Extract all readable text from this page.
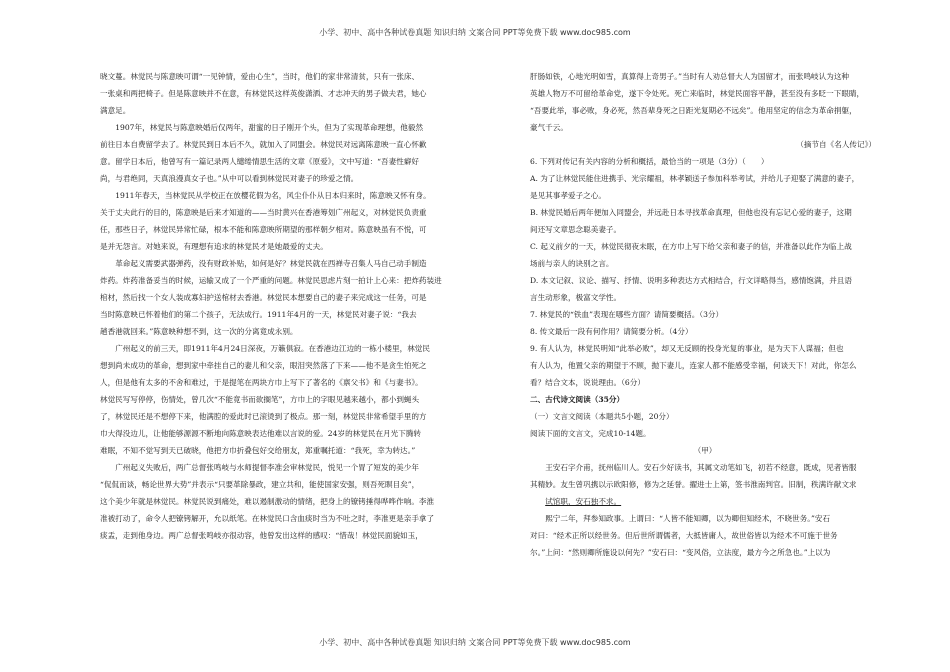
小学、初中、高中各种试卷真题 知识归纳 文案合同 PPT等免费下载 www.doc985.com

晓文蔓。林觉民与陈意映可谓“一见钟情，爱由心生”，当时，他们的家非常清贫，只有一张床、

一张桌和两把椅子。但是陈意映并不在意，有林觉民这样英俊潇洒、才志冲天的男子做夫君，她心

满意足。

1907年，林觉民与陈意映婚后仅两年，甜蜜的日子刚开个头，但为了实现革命理想，他毅然

前往日本自费留学去了。林觉民到日本后不久，就加入了同盟会。林觉民对远离陈意映一直心怀歉

意。留学日本后，他曾写有一篇记录两人缱绻情思生活的文章《原爱》，文中写道：“吾妻性癖好

尚，与君绝同，天真浪漫真女子也。”从中可以看到林觉民对妻子的珍爱之情。

1911年春天，当林觉民从学校正在放樱花假为名，风尘仆仆从日本归来时，陈意映又怀有身。

关于丈夫此行的目的，陈意映是后来才知道的——当时黄兴在香港筹划广州起义，对林觉民负责重

任，那些日子，林觉民异常忙碌，根本不能和陈意映所期望的那样朝夕相对。陈意映虽有不悦，可

是并无怨言。对她来说，有理想有追求的林觉民才是她最爱的丈夫。

革命起义需要武器弹药，没有财政补贴，如何是好？林觉民就在西禅寺召集人马自己动手制造

炸药。炸药准备妥当的时候，运输又成了一个严重的问题。林觉民思虑片刻一拍计上心来：把炸药装进

棺材，然后找一个女人装成寡妇护送棺材去香港。林觉民本想要自己的妻子来完成这一任务，可是

当时陈意映已怀着他们的第二个孩子，无法成行。1911年4月的一天，林觉民对妻子说：“我去

趟香港就回来。”陈意映种想不到，这一次的分离竟成永别。

广州起义的前三天，即1911年4月24日深夜，万籁俱寂。在香港边江边的一栋小楼里，林觉民

想到尚未成功的革命，想到家中牵挂自己的妻儿和父亲，眼泪突然落了下来——他不是贪生怕死之

人，但是他有太多的不舍和难过，于是提笔在两块方巾上写下了著名的《禀父书》和《与妻书》。

林觉民写写停停，伤情处，曾几次“不能竟书而欲搁笔”，方巾上的字眼见越来越小，都小到蝇头

了，林觉民还是不想停下来，他满腔的爱此时已滚烫到了极点。那一刻，林觉民非常希望手里的方

巾大得没边儿，让他能够源源不断地向陈意映表达他难以言说的爱。24岁的林觉民在月光下腾转

难眠，不知不觉写到天已破晓，他把方巾折叠包好交给朋友，郑重嘱托道：“我死，幸为转达。”

广州起义失败后，两广总督张鸣岐与水师提督李准会审林觉民，悦见一个胃了短发的美少年

“侃侃而谈，畅论世界大势”并表示“只要革除暴政，建立共和，能使国家安强，则吾死瞑目矣”，

这个美少年就是林觉民。林觉民说到痛处，难以遏制激动的情绪，把身上的镣铐捶得哗哗作响。李淮

准被打动了，命令人把镣铐解开，允以纸笔。在林觉民口含血痰时当为不吐之时，李准更是亲手拿了

痰盂，走到他身边。两广总督张鸣岐亦很动容，他曾发出这样的感叹：“惜哉！林觉民面貌如玉，

肝肠如铁，心地光明如雪，真算得上奇男子。”当时有人劝总督大人为国留才，而张鸣岐认为这种

英雄人物万不可留给革命党，遂下令处死。死亡来临时，林觉民面容平静，甚至没有多眨一下眼睛，

“吾要此举，事必败，身必死，然吾辈身死之日距光复期必不远矣”。他用坚定的信念为革命捐躯，

豪气千云。

（摘节自《名人传记》）

6. 下列对传记有关内容的分析和概括，最恰当的一项是（3分）（　　）

A. 为了让林觉民能住进携手、光宗耀祖，林孝颖送子参加科举考试，并给儿子迎娶了满意的妻子，

是见其事孝爱子之心。

B. 林觉民婚后两年便加入同盟会，并远赴日本寻找革命真理，但他也没有忘记心爱的妻子，这期

间还写文章思念聪美妻子。

C. 起义前夕的一天，林觉民彻夜未眠，在方巾上写下给父亲和妻子的信，并准备以此作为临上战

场前与亲人的诀别之言。

D. 本文记叙、议论、描写、抒情、说明多种表达方式相结合，行文详略得当，感情饱满，并且语

言生动形象，极富文学性。

7. 林觉民的“铁血”表现在哪些方面？请简要概括。（3分）

8. 传文最后一段有何作用？请简要分析。（4分）

9. 有人认为，林觉民明知“此举必败”，却又无反顾的投身光复的事业，是为天下人谋福；但也

有人认为，他置父亲的期望于不顾，抛下妻儿，连家人都不能感受幸福，何谈天下！对此，你怎么

看？结合文本，说说理由。（6分）

二、古代诗文阅读（35分）

（一）文言文阅读（本题共5小题，20分）

阅读下面的文言文，完成10-14题。

（甲）

王安石字介甫，抚州临川人。安石少好读书，其属文动笔如飞，初若不经意，既成，见者皆服

其精妙。友生曾巩携以示欧阳修，修为之延誉。擢进士上第，签书淮南判官。旧制，秩满许献文求

试馆职，安石独不求。

熙宁二年，拜参知政事。上谓曰：“人皆不能知卿，以为卿但知经术，不晓世务。”安石

对曰：“经术正所以经世务。但后世所谓儒者，大抵皆庸人，故世俗皆以为经术不可施于世务

尔。”上问：“然则卿所施设以何先？”安石曰：“变风俗，立法度，最方今之所急也。”上以为

小学、初中、高中各种试卷真题 知识归纳 文案合同 PPT等免费下载 www.doc985.com
